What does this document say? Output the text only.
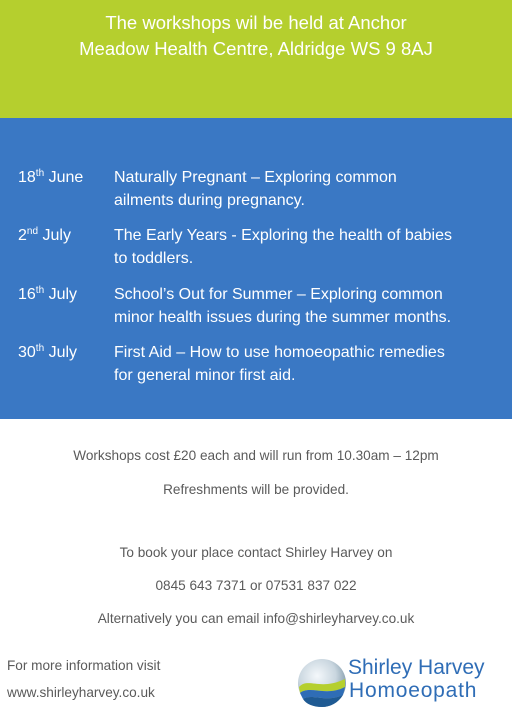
The workshops wil be held at Anchor
Meadow Health Centre, Aldridge WS 9 8AJ
18th June	Naturally Pregnant – Exploring common
ailments during pregnancy.
2nd July	The Early Years - Exploring the health of babies
to toddlers.
16th July	School’s Out for Summer – Exploring common
minor health issues during the summer months.
30th July	First Aid – How to use homoeopathic remedies
for general minor first aid.
Workshops cost £20 each and will run from 10.30am – 12pm
Refreshments will be provided.
To book your place contact Shirley Harvey on
0845 643 7371 or 07531 837 022
Alternatively you can email info@shirleyharvey.co.uk
For more information visit
www.shirleyharvey.co.uk
Shirley Harvey
Homoeopath
